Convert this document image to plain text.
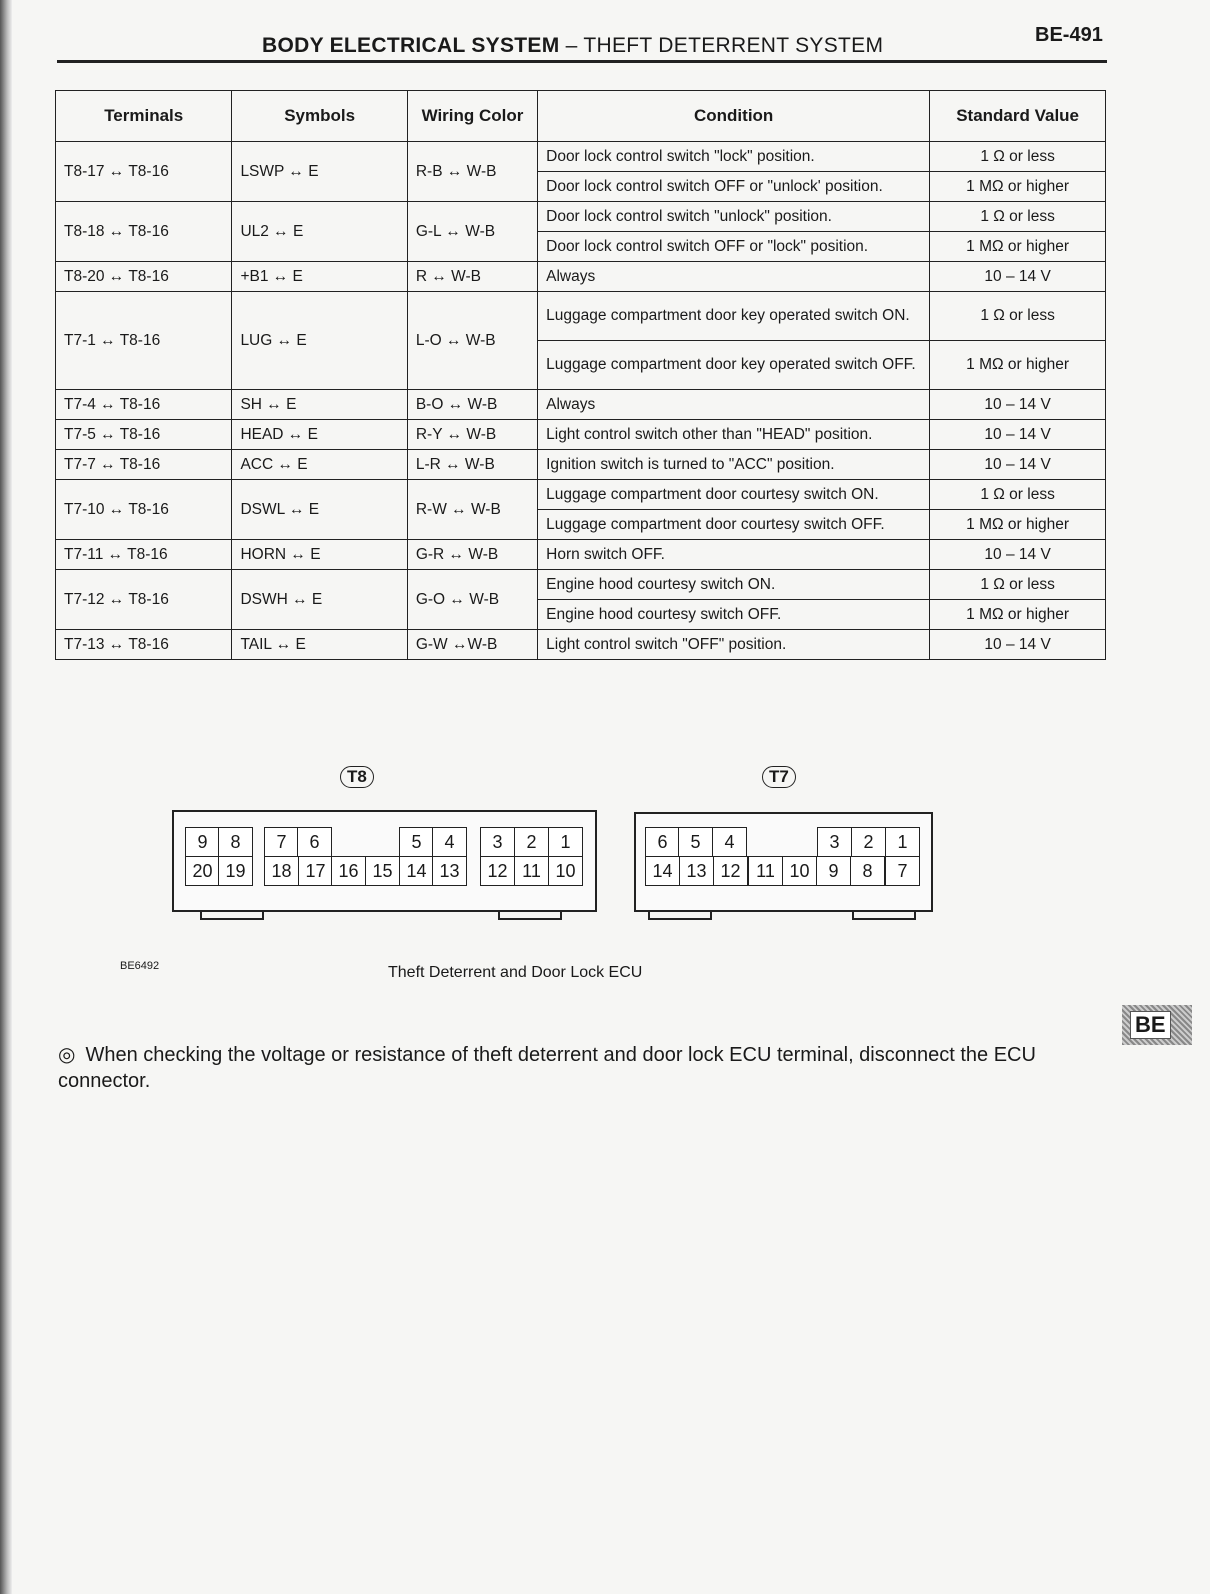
BODY ELECTRICAL SYSTEM – THEFT DETERRENT SYSTEM	BE-491
Terminals	Symbols	Wiring Color	Condition	Standard Value
T8-17 ↔ T8-16	LSWP ↔ E	R-B ↔ W-B	Door lock control switch "lock" position.	1 Ω or less
			Door lock control switch OFF or "unlock' position.	1 MΩ or higher
T8-18 ↔ T8-16	UL2 ↔ E	G-L ↔ W-B	Door lock control switch "unlock" position.	1 Ω or less
			Door lock control switch OFF or "lock" position.	1 MΩ or higher
T8-20 ↔ T8-16	+B1 ↔ E	R ↔ W-B	Always	10 – 14 V
T7-1 ↔ T8-16	LUG ↔ E	L-O ↔ W-B	Luggage compartment door key operated switch ON.	1 Ω or less
			Luggage compartment door key operated switch OFF.	1 MΩ or higher
T7-4 ↔ T8-16	SH ↔ E	B-O ↔ W-B	Always	10 – 14 V
T7-5 ↔ T8-16	HEAD ↔ E	R-Y ↔ W-B	Light control switch other than "HEAD" position.	10 – 14 V
T7-7 ↔ T8-16	ACC ↔ E	L-R ↔ W-B	Ignition switch is turned to "ACC" position.	10 – 14 V
T7-10 ↔ T8-16	DSWL ↔ E	R-W ↔ W-B	Luggage compartment door courtesy switch ON.	1 Ω or less
			Luggage compartment door courtesy switch OFF.	1 MΩ or higher
T7-11 ↔ T8-16	HORN ↔ E	G-R ↔ W-B	Horn switch OFF.	10 – 14 V
T7-12 ↔ T8-16	DSWH ↔ E	G-O ↔ W-B	Engine hood courtesy switch ON.	1 Ω or less
			Engine hood courtesy switch OFF.	1 MΩ or higher
T7-13 ↔ T8-16	TAIL ↔ E	G-W ↔W-B	Light control switch "OFF" position.	10 – 14 V
T8
9	8	7	6	5	4	3	2	1
20 19	18 17 16 15 14 13	12 11 10
T7
6	5	4	3	2	1
14 13 12 11 10	9	8	7
BE6492	Theft Deterrent and Door Lock ECU
◎ When checking the voltage or resistance of theft deterrent and door lock ECU terminal, disconnect the ECU connector.
BE
